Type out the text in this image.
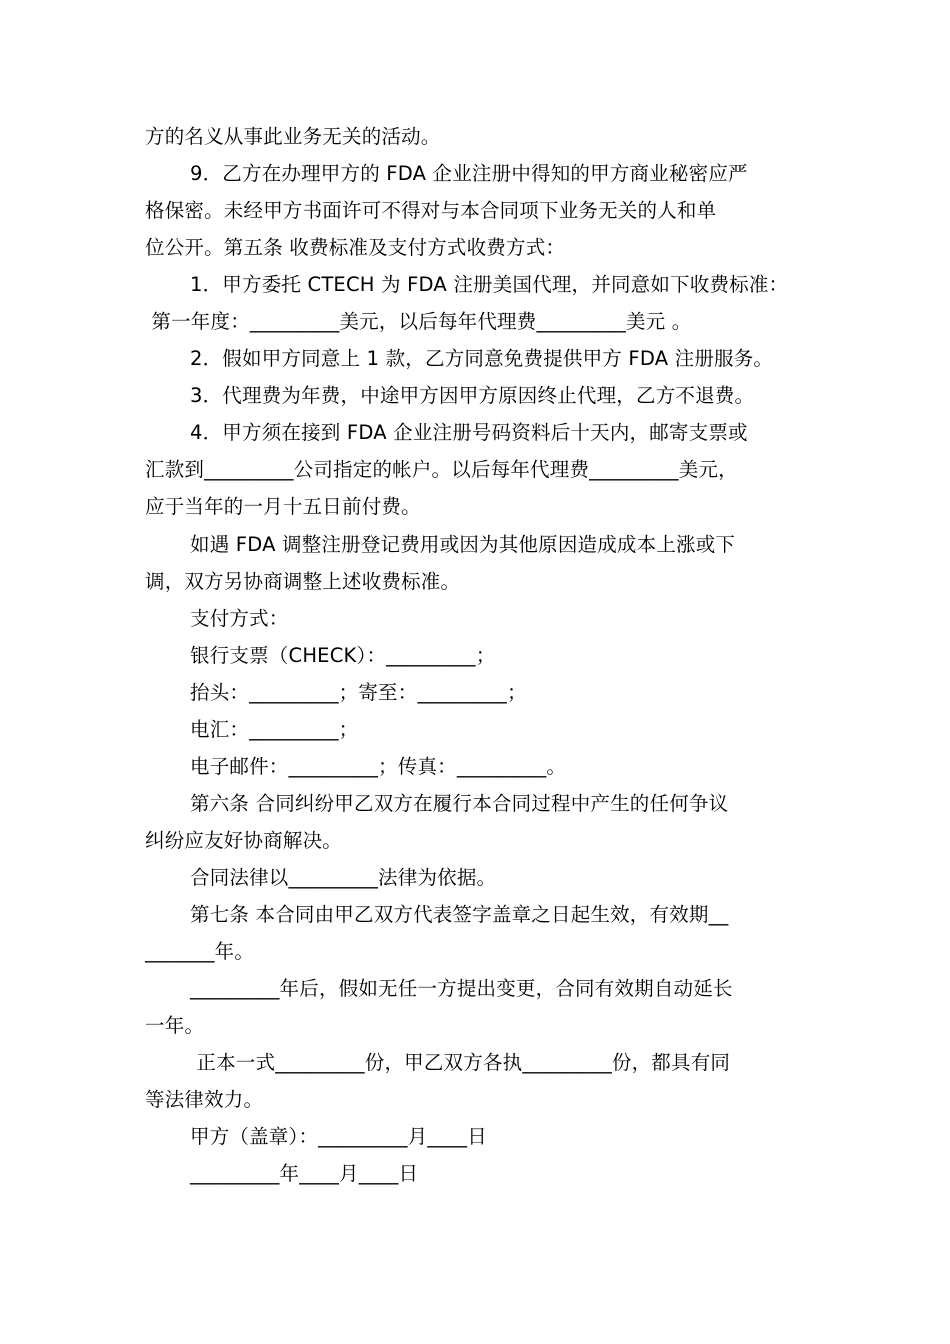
方的名义从事此业务无关的活动。
9．乙方在办理甲方的 FDA 企业注册中得知的甲方商业秘密应严
格保密。未经甲方书面许可不得对与本合同项下业务无关的人和单
位公开。第五条 收费标准及支付方式收费方式：
1．甲方委托 CTECH 为 FDA 注册美国代理，并同意如下收费标准：
第一年度：_________美元，以后每年代理费_________美元 。
2．假如甲方同意上 1 款，乙方同意免费提供甲方 FDA 注册服务。
3．代理费为年费，中途甲方因甲方原因终止代理，乙方不退费。
4．甲方须在接到 FDA 企业注册号码资料后十天内，邮寄支票或
汇款到_________公司指定的帐户。以后每年代理费_________美元，
应于当年的一月十五日前付费。
如遇 FDA 调整注册登记费用或因为其他原因造成成本上涨或下
调，双方另协商调整上述收费标准。
支付方式：
银行支票（CHECK）：_________；
抬头：_________；寄至：_________；
电汇：_________；
电子邮件：_________；传真：_________。
第六条 合同纠纷甲乙双方在履行本合同过程中产生的任何争议
纠纷应友好协商解决。
合同法律以_________法律为依据。
第七条 本合同由甲乙双方代表签字盖章之日起生效，有效期__
_______年。
_________年后，假如无任一方提出变更，合同有效期自动延长
一年。
正本一式_________份，甲乙双方各执_________份，都具有同
等法律效力。
甲方（盖章）：_________月____日
_________年____月____日
